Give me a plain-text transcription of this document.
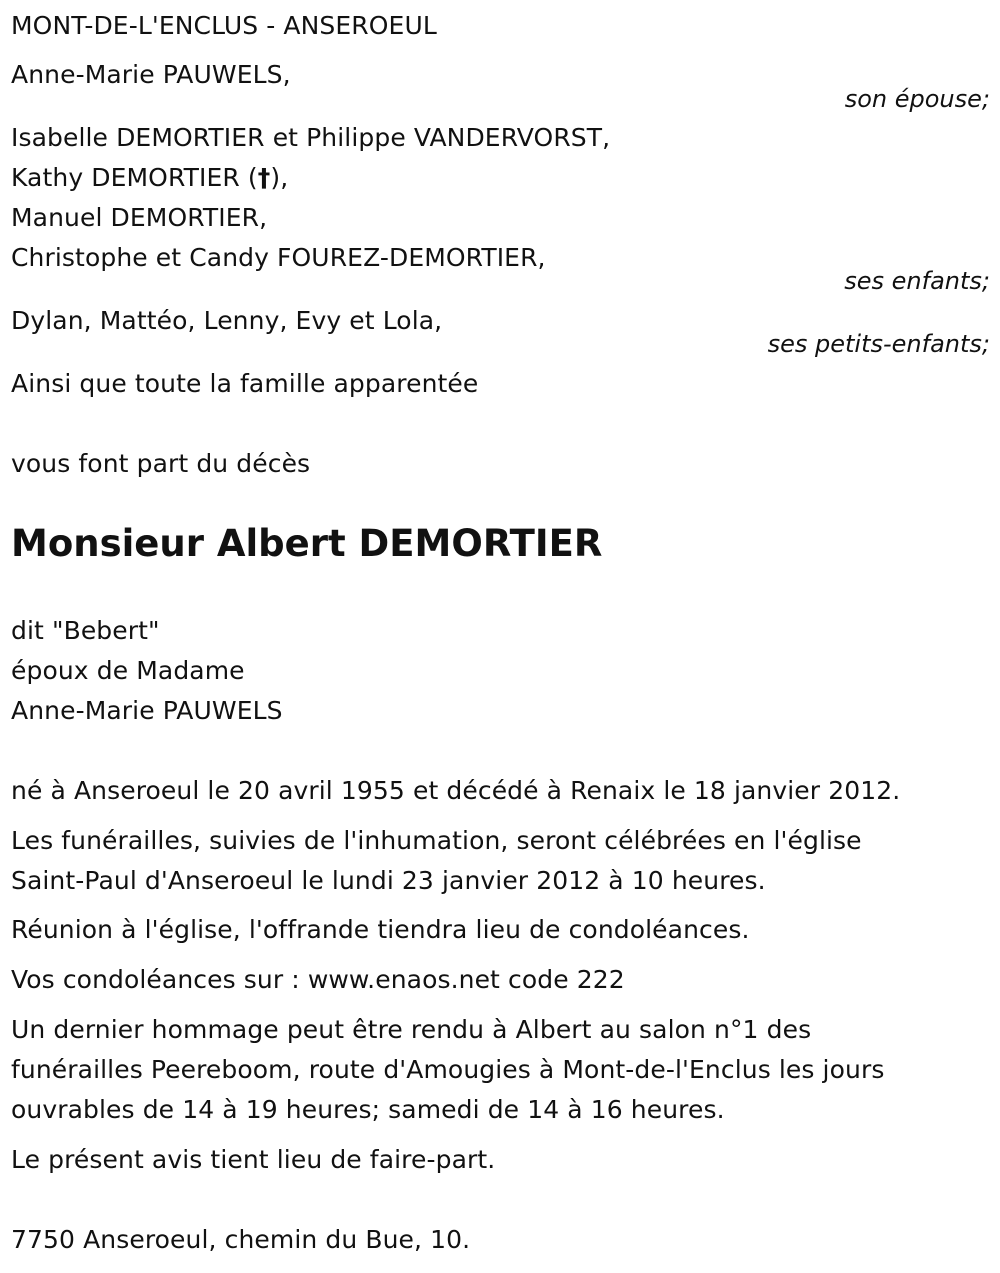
MONT-DE-L'ENCLUS - ANSEROEUL
Anne-Marie PAUWELS,
son épouse;
Isabelle DEMORTIER et Philippe VANDERVORST,
Kathy DEMORTIER (†),
Manuel DEMORTIER,
Christophe et Candy FOUREZ-DEMORTIER,
ses enfants;
Dylan, Mattéo, Lenny, Evy et Lola,
ses petits-enfants;
Ainsi que toute la famille apparentée
vous font part du décès
Monsieur Albert DEMORTIER
dit "Bebert"
époux de Madame
Anne-Marie PAUWELS
né à Anseroeul le 20 avril 1955 et décédé à Renaix le 18 janvier 2012.
Les funérailles, suivies de l'inhumation, seront célébrées en l'église
Saint-Paul d'Anseroeul le lundi 23 janvier 2012 à 10 heures.
Réunion à l'église, l'offrande tiendra lieu de condoléances.
Vos condoléances sur : www.enaos.net code 222
Un dernier hommage peut être rendu à Albert au salon n°1 des
funérailles Peereboom, route d'Amougies à Mont-de-l'Enclus les jours
ouvrables de 14 à 19 heures; samedi de 14 à 16 heures.
Le présent avis tient lieu de faire-part.
7750 Anseroeul, chemin du Bue, 10.
